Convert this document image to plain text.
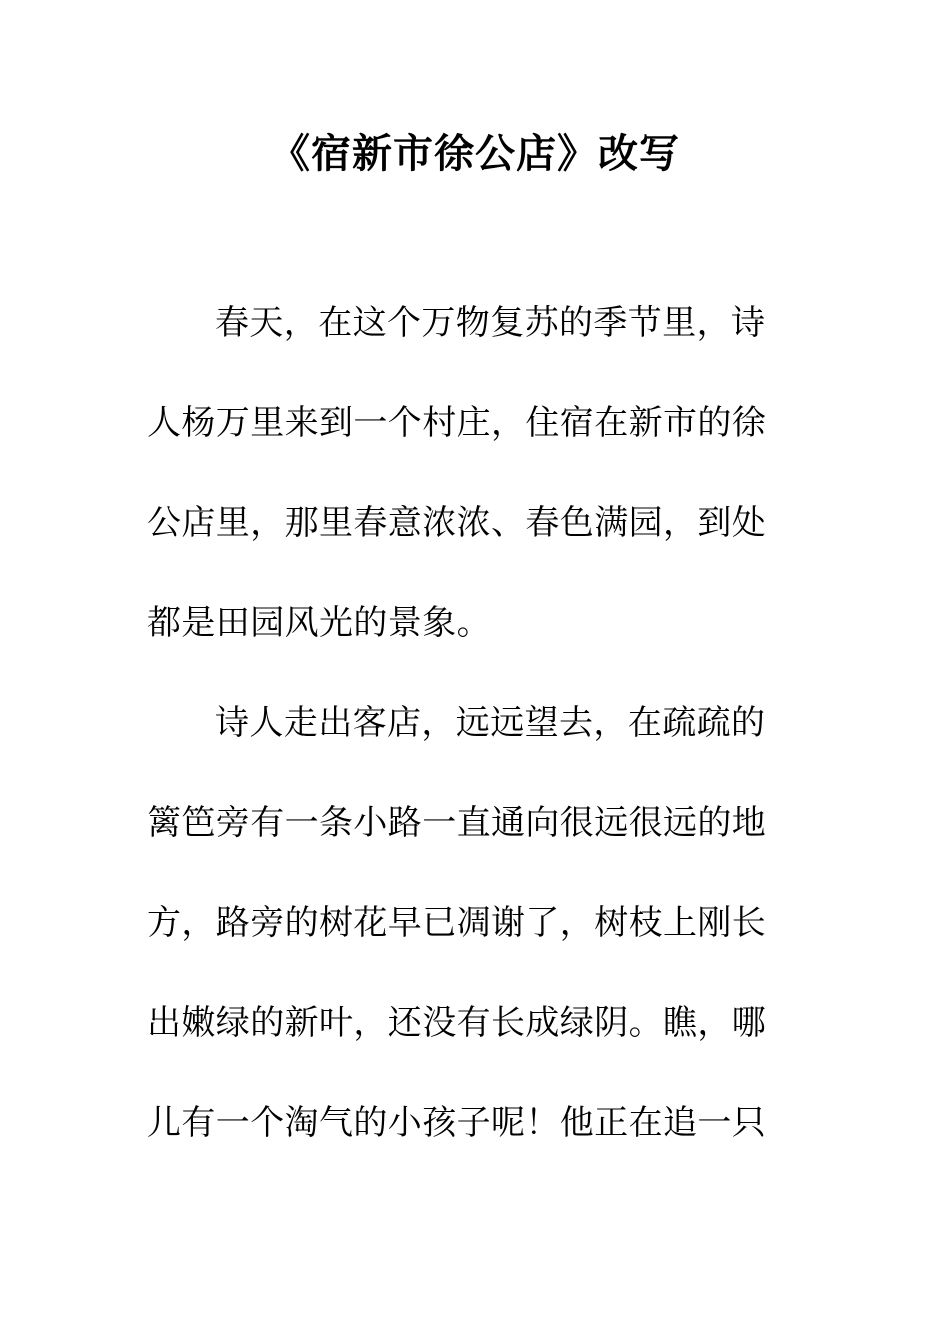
《宿新市徐公店》改写
春天，在这个万物复苏的季节里，诗
人杨万里来到一个村庄，住宿在新市的徐
公店里，那里春意浓浓、春色满园，到处
都是田园风光的景象。
诗人走出客店，远远望去，在疏疏的
篱笆旁有一条小路一直通向很远很远的地
方，路旁的树花早已凋谢了，树枝上刚长
出嫩绿的新叶，还没有长成绿阴。瞧，哪
儿有一个淘气的小孩子呢！他正在追一只
